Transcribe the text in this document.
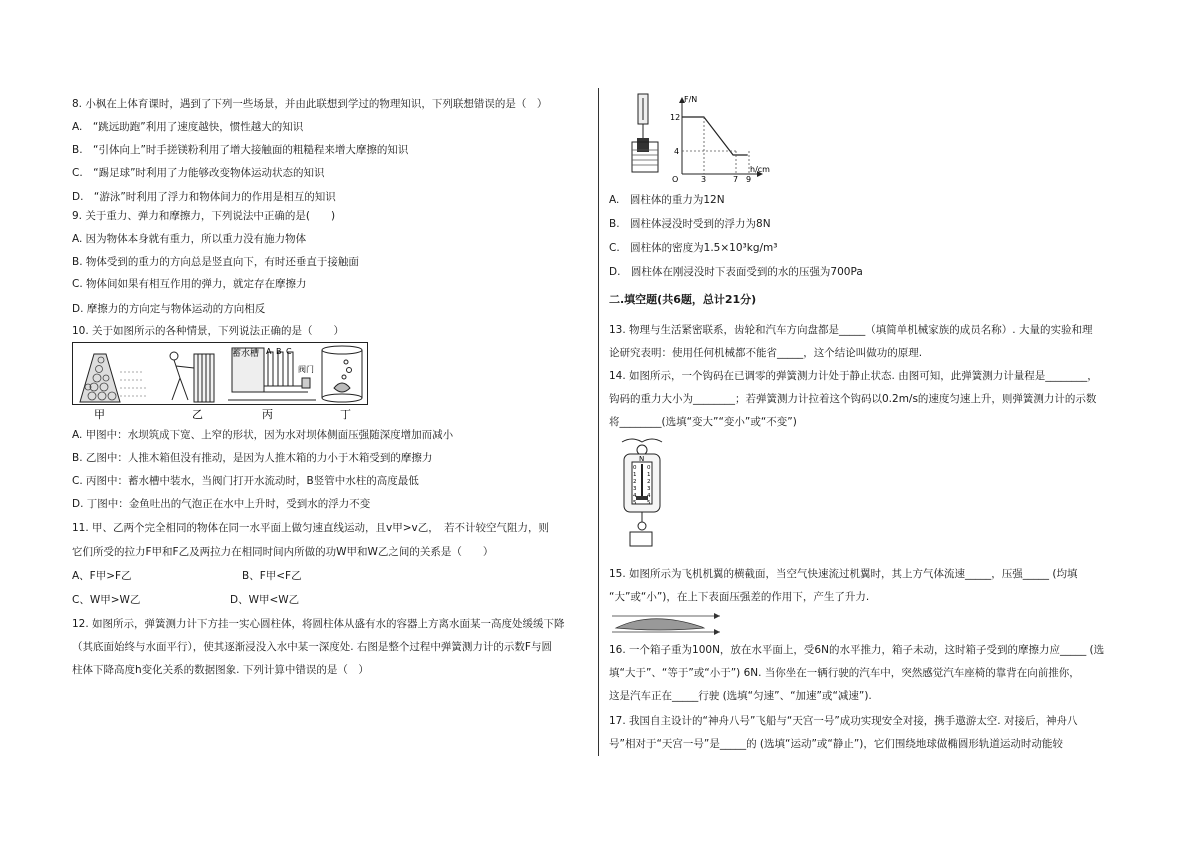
8. 小枫在上体育课时，遇到了下列一些场景，并由此联想到学过的物理知识，下列联想错误的是（　）
A.　“跳远助跑”利用了速度越快，惯性越大的知识
B.　“引体向上”时手搓镁粉利用了增大接触面的粗糙程来增大摩擦的知识
C.　“踢足球”时利用了力能够改变物体运动状态的知识
D.　“游泳”时利用了浮力和物体间力的作用是相互的知识
9. 关于重力、弹力和摩擦力，下列说法中正确的是(　　)
A. 因为物体本身就有重力，所以重力没有施力物体
B. 物体受到的重力的方向总是竖直向下，有时还垂直于接触面
C. 物体间如果有相互作用的弹力，就定存在摩擦力
D. 摩擦力的方向定与物体运动的方向相反
10. 关于如图所示的各种情景，下列说法正确的是（　　）
蓄水槽 A B C
阀门
甲	乙	丙	丁
A. 甲图中：水坝筑成下宽、上窄的形状，因为水对坝体侧面压强随深度增加而减小
B. 乙图中：人推木箱但没有推动，是因为人推木箱的力小于木箱受到的摩擦力
C. 丙图中：蓄水槽中装水，当阀门打开水流动时，B竖管中水柱的高度最低
D. 丁图中：金鱼吐出的气泡正在水中上升时，受到水的浮力不变
11. 甲、乙两个完全相同的物体在同一水平面上做匀速直线运动，且v甲>v乙，　若不计较空气阻力，则
它们所受的拉力F甲和F乙及两拉力在相同时间内所做的功W甲和W乙之间的关系是（　　）
A、F甲>F乙	B、F甲<F乙
C、W甲>W乙	D、W甲<W乙
12. 如图所示，弹簧测力计下方挂一实心圆柱体，将圆柱体从盛有水的容器上方离水面某一高度处缓缓下降
（其底面始终与水面平行），使其逐渐浸没入水中某一深度处. 右图是整个过程中弹簧测力计的示数F与圆
柱体下降高度h变化关系的数据图象. 下列计算中错误的是（　）
F/N
12
4
O	3	7 9
h/cm
A.　圆柱体的重力为12N
B.　圆柱体浸没时受到的浮力为8N
C.　圆柱体的密度为1.5×10³kg/m³
D.　圆柱体在刚浸没时下表面受到的水的压强为700Pa
二.填空题(共6题，总计21分)
13. 物理与生活紧密联系，齿轮和汽车方向盘都是_____（填简单机械家族的成员名称）. 大量的实验和理
论研究表明：使用任何机械都不能省_____，这个结论叫做功的原理.
14. 如图所示，一个钩码在已调零的弹簧测力计处于静止状态. 由图可知，此弹簧测力计量程是________，
钩码的重力大小为________；若弹簧测力计拉着这个钩码以0.2m/s的速度匀速上升，则弹簧测力计的示数
将________(选填“变大”“变小”或“不变”)
N
0
1
2
3
4
5
0
1
2
3
4
5
15. 如图所示为飞机机翼的横截面，当空气快速流过机翼时，其上方气体流速_____，压强_____ (均填
“大”或“小”)，在上下表面压强差的作用下，产生了升力.
16. 一个箱子重为100N，放在水平面上，受6N的水平推力，箱子未动，这时箱子受到的摩擦力应_____ (选
填“大于”、“等于”或“小于”) 6N. 当你坐在一辆行驶的汽车中，突然感觉汽车座椅的靠背在向前推你，
这是汽车正在_____行驶 (选填“匀速”、“加速”或“减速”).
17. 我国自主设计的“神舟八号”飞船与“天宫一号”成功实现安全对接，携手遨游太空. 对接后，神舟八
号”相对于“天宫一号”是_____的 (选填“运动”或“静止”)，它们围绕地球做椭圆形轨道运动时动能较
